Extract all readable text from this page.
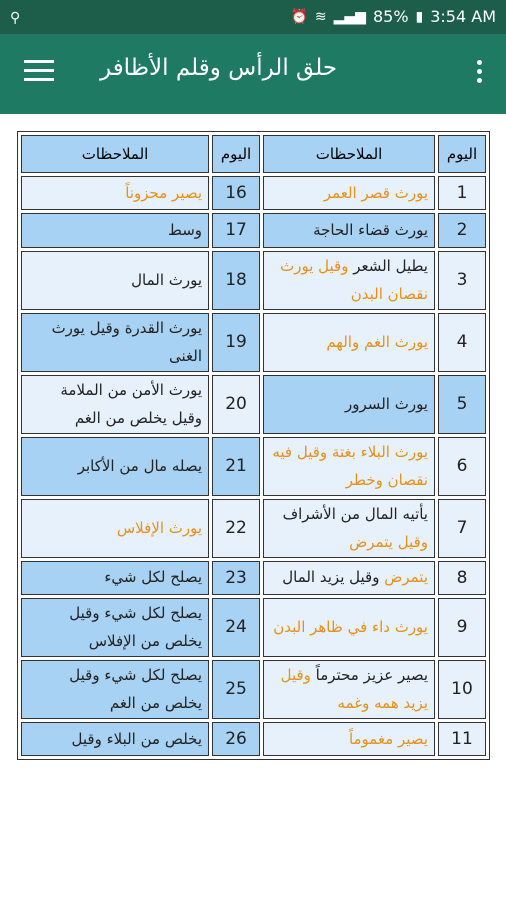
⚲	⏰ ≋ ▂▄▆ 85% ▮ 3:54 AM
حلق الرأس وقلم الأظافر
اليوم	الملاحظات	اليوم	الملاحظات
1	يورث قصر العمر	16	يصير محزوناً
2	يورث قضاء الحاجة	17	وسط
3	يطيل الشعر وقيل يورث نقصان البدن	18	يورث المال
4	يورث الغم والهم	19	يورث القدرة وقيل يورث الغنى
5	يورث السرور	20	يورث الأمن من الملامة وقيل يخلص من الغم
6	يورث البلاء بغتة وقيل فيه نقصان وخطر	21	يصله مال من الأكابر
7	يأتيه المال من الأشراف وقيل يتمرض	22	يورث الإفلاس
8	يتمرض وقيل يزيد المال	23	يصلح لكل شيء
9	يورث داء في ظاهر البدن	24	يصلح لكل شيء وقيل يخلص من الإفلاس
10	يصير عزيز محترماً وقيل يزيد همه وغمه	25	يصلح لكل شيء وقيل يخلص من الغم
11	يصير مغموماً	26	يخلص من البلاء وقيل
